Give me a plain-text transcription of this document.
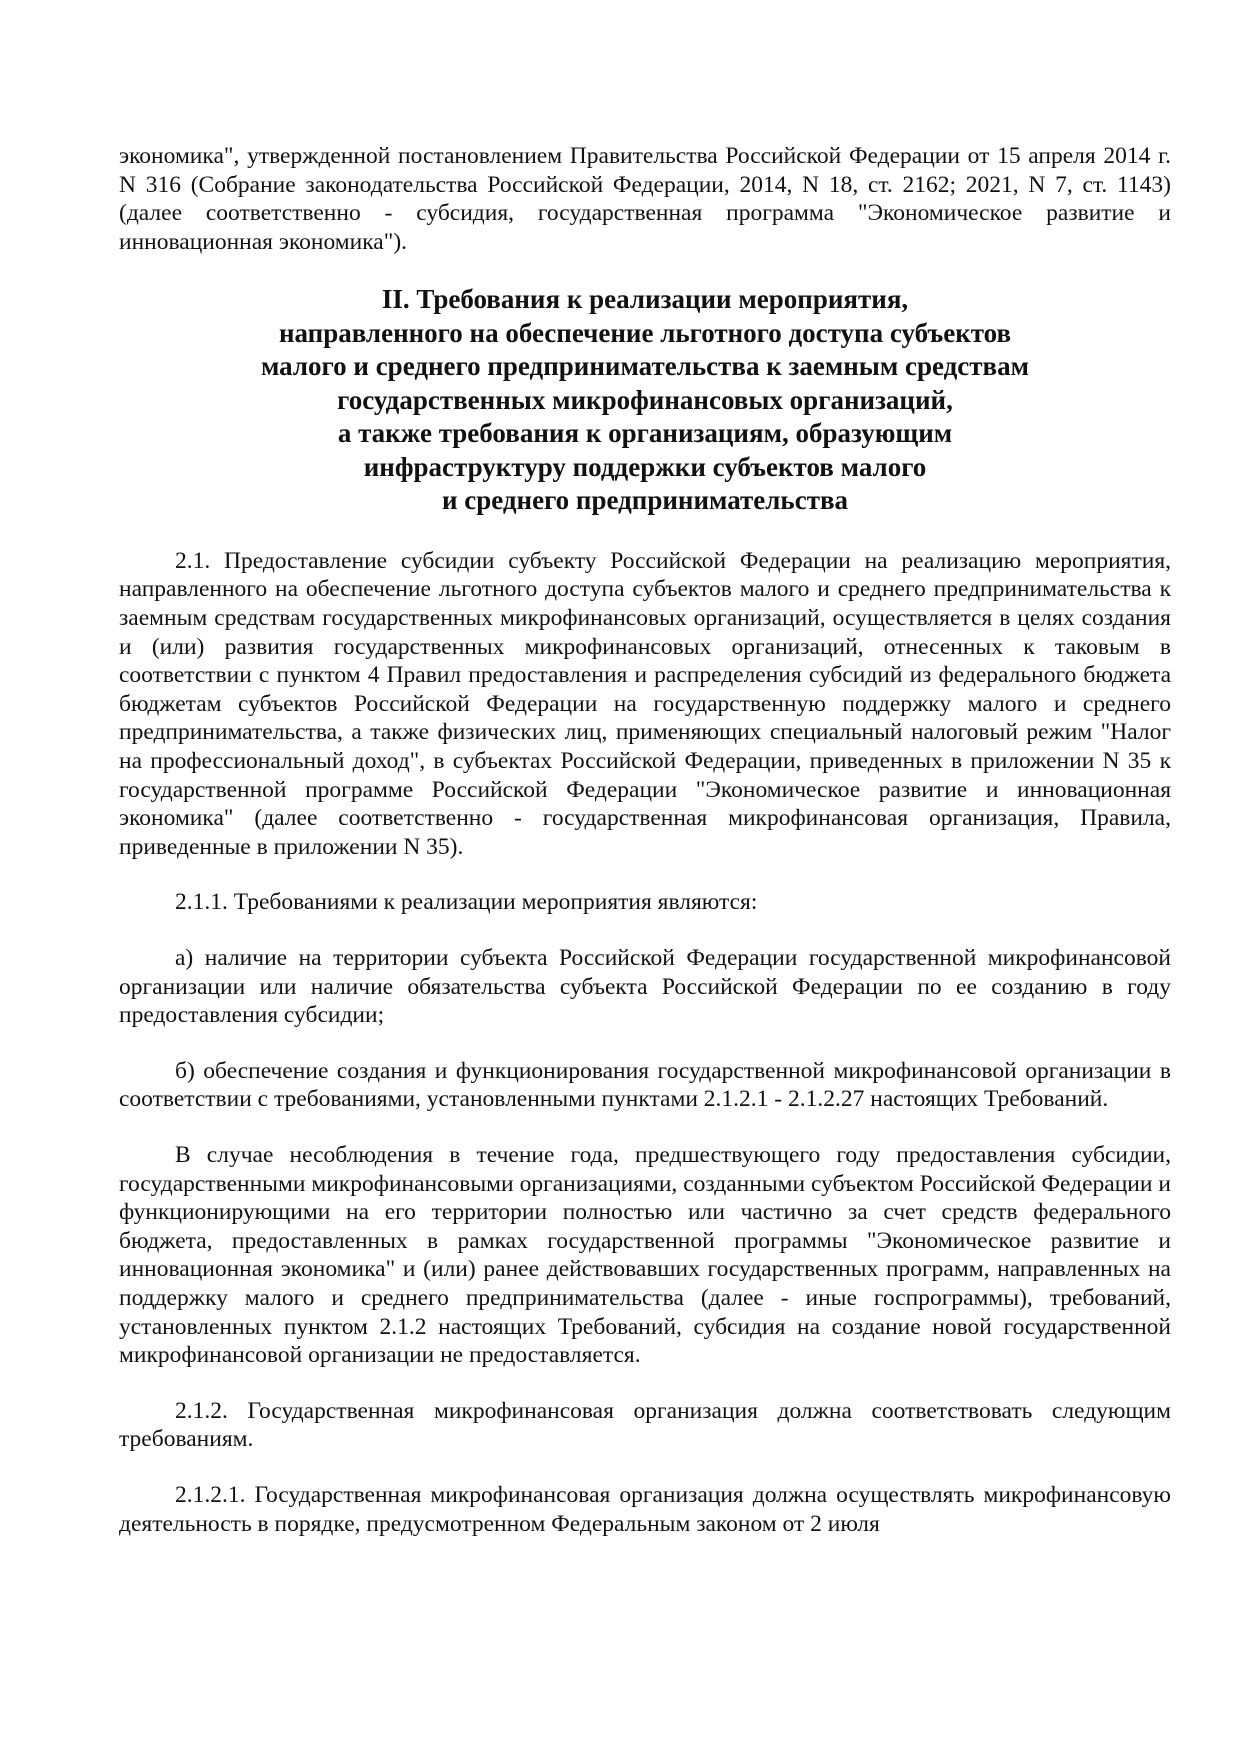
экономика", утвержденной постановлением Правительства Российской Федерации от 15 апреля 2014 г. N 316 (Собрание законодательства Российской Федерации, 2014, N 18, ст. 2162; 2021, N 7, ст. 1143) (далее соответственно - субсидия, государственная программа "Экономическое развитие и инновационная экономика").

II. Требования к реализации мероприятия,
направленного на обеспечение льготного доступа субъектов
малого и среднего предпринимательства к заемным средствам
государственных микрофинансовых организаций,
а также требования к организациям, образующим
инфраструктуру поддержки субъектов малого
и среднего предпринимательства

2.1. Предоставление субсидии субъекту Российской Федерации на реализацию мероприятия, направленного на обеспечение льготного доступа субъектов малого и среднего предпринимательства к заемным средствам государственных микрофинансовых организаций, осуществляется в целях создания и (или) развития государственных микрофинансовых организаций, отнесенных к таковым в соответствии с пунктом 4 Правил предоставления и распределения субсидий из федерального бюджета бюджетам субъектов Российской Федерации на государственную поддержку малого и среднего предпринимательства, а также физических лиц, применяющих специальный налоговый режим "Налог на профессиональный доход", в субъектах Российской Федерации, приведенных в приложении N 35 к государственной программе Российской Федерации "Экономическое развитие и инновационная экономика" (далее соответственно - государственная микрофинансовая организация, Правила, приведенные в приложении N 35).

2.1.1. Требованиями к реализации мероприятия являются:

а) наличие на территории субъекта Российской Федерации государственной микрофинансовой организации или наличие обязательства субъекта Российской Федерации по ее созданию в году предоставления субсидии;

б) обеспечение создания и функционирования государственной микрофинансовой организации в соответствии с требованиями, установленными пунктами 2.1.2.1 - 2.1.2.27 настоящих Требований.

В случае несоблюдения в течение года, предшествующего году предоставления субсидии, государственными микрофинансовыми организациями, созданными субъектом Российской Федерации и функционирующими на его территории полностью или частично за счет средств федерального бюджета, предоставленных в рамках государственной программы "Экономическое развитие и инновационная экономика" и (или) ранее действовавших государственных программ, направленных на поддержку малого и среднего предпринимательства (далее - иные госпрограммы), требований, установленных пунктом 2.1.2 настоящих Требований, субсидия на создание новой государственной микрофинансовой организации не предоставляется.

2.1.2. Государственная микрофинансовая организация должна соответствовать следующим требованиям.

2.1.2.1. Государственная микрофинансовая организация должна осуществлять микрофинансовую деятельность в порядке, предусмотренном Федеральным законом от 2 июля
